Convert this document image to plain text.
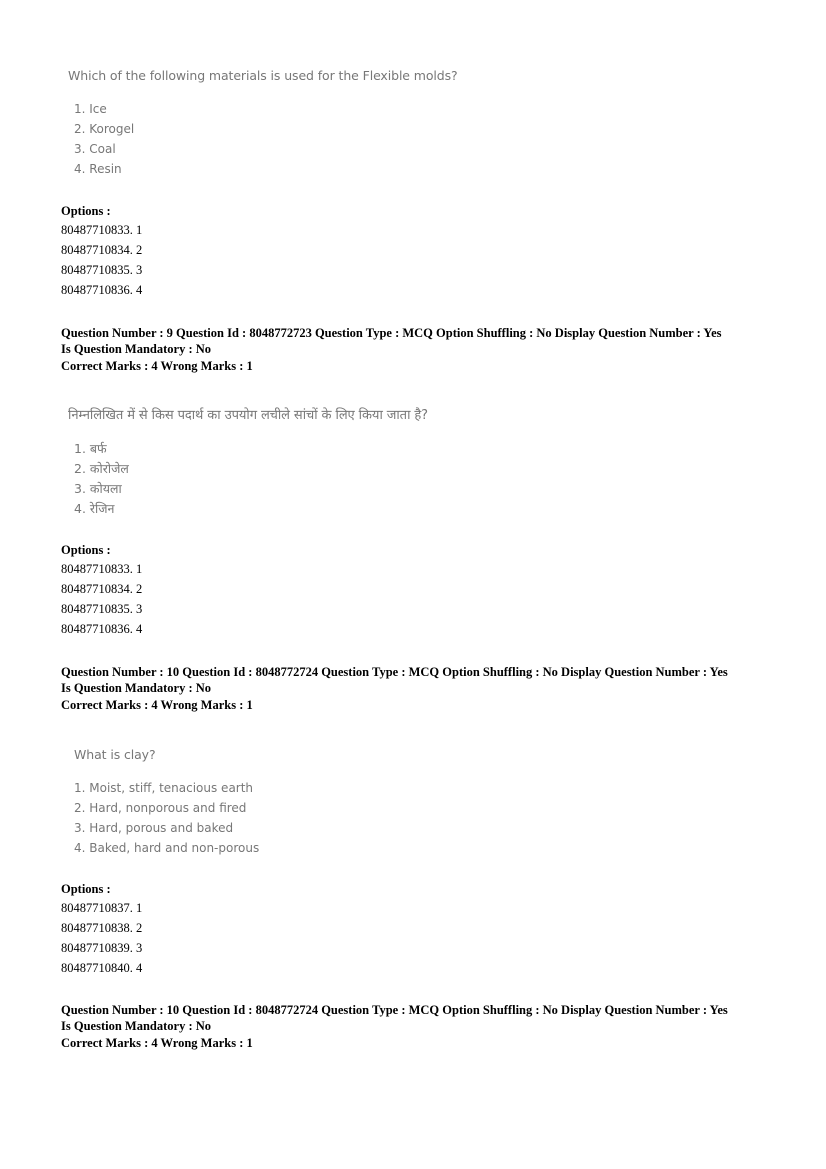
Which of the following materials is used for the Flexible molds?
1. Ice
2. Korogel
3. Coal
4. Resin
Options :
80487710833. 1
80487710834. 2
80487710835. 3
80487710836. 4
Question Number : 9 Question Id : 8048772723 Question Type : MCQ Option Shuffling : No Display Question Number : Yes
Is Question Mandatory : No
Correct Marks : 4 Wrong Marks : 1
निम्नलिखित में से किस पदार्थ का उपयोग लचीले सांचों के लिए किया जाता है?
1. बर्फ
2. कोरोजेल
3. कोयला
4. रेजिन
Options :
80487710833. 1
80487710834. 2
80487710835. 3
80487710836. 4
Question Number : 10 Question Id : 8048772724 Question Type : MCQ Option Shuffling : No Display Question Number : Yes
Is Question Mandatory : No
Correct Marks : 4 Wrong Marks : 1
What is clay?
1. Moist, stiff, tenacious earth
2. Hard, nonporous and fired
3. Hard, porous and baked
4. Baked, hard and non-porous
Options :
80487710837. 1
80487710838. 2
80487710839. 3
80487710840. 4
Question Number : 10 Question Id : 8048772724 Question Type : MCQ Option Shuffling : No Display Question Number : Yes
Is Question Mandatory : No
Correct Marks : 4 Wrong Marks : 1
